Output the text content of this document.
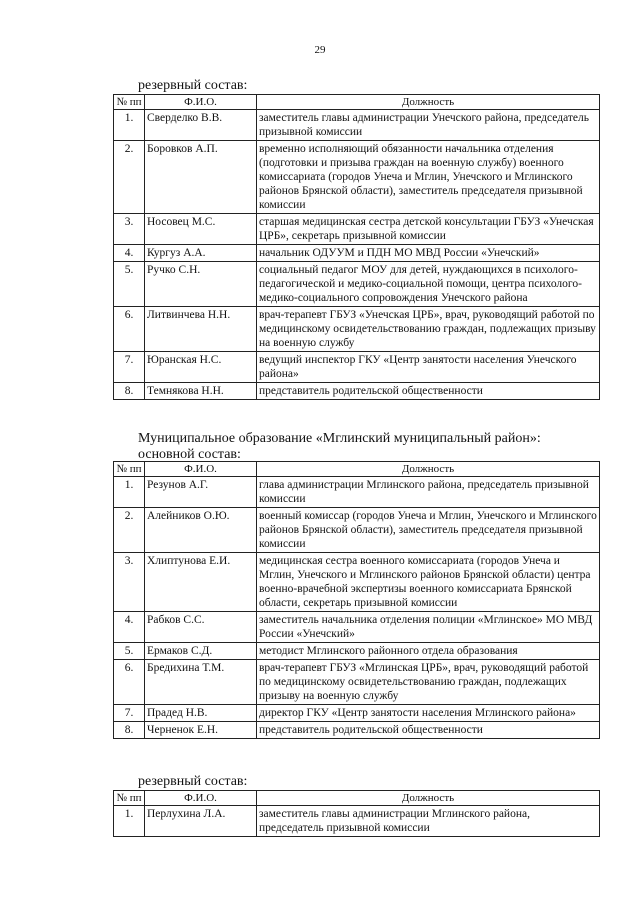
29
резервный состав:
№ пп	Ф.И.О.	Должность
1.	Сверделко В.В.	заместитель главы администрации Унечского района, председатель призывной комиссии
2.	Боровков А.П.	временно исполняющий обязанности начальника отделения (подготовки и призыва граждан на военную службу) военного комиссариата (городов Унеча и Мглин, Унечского и Мглинского районов Брянской области), заместитель председателя призывной комиссии
3.	Носовец М.С.	старшая медицинская сестра детской консультации ГБУЗ «Унечская ЦРБ», секретарь призывной комиссии
4.	Кургуз А.А.	начальник ОДУУМ и ПДН МО МВД России «Унечский»
5.	Ручко С.Н.	социальный педагог МОУ для детей, нуждающихся в психолого-педагогической и медико-социальной помощи, центра психолого-медико-социального сопровождения Унечского района
6.	Литвинчева Н.Н.	врач-терапевт ГБУЗ «Унечская ЦРБ», врач, руководящий работой по медицинскому освидетельствованию граждан, подлежащих призыву на военную службу
7.	Юранская Н.С.	ведущий инспектор ГКУ «Центр занятости населения Унечского района»
8.	Темнякова Н.Н.	представитель родительской общественности
Муниципальное образование «Мглинский муниципальный район»:
основной состав:
№ пп	Ф.И.О.	Должность
1.	Резунов А.Г.	глава администрации Мглинского района, председатель призывной комиссии
2.	Алейников О.Ю.	военный комиссар (городов Унеча и Мглин, Унечского и Мглинского районов Брянской области), заместитель председателя призывной комиссии
3.	Хлиптунова Е.И.	медицинская сестра военного комиссариата (городов Унеча и Мглин, Унечского и Мглинского районов Брянской области) центра военно-врачебной экспертизы военного комиссариата Брянской области, секретарь призывной комиссии
4.	Рабков С.С.	заместитель начальника отделения полиции «Мглинское» МО МВД России «Унечский»
5.	Ермаков С.Д.	методист Мглинского районного отдела образования
6.	Бредихина Т.М.	врач-терапевт ГБУЗ «Мглинская ЦРБ», врач, руководящий работой по медицинскому освидетельствованию граждан, подлежащих призыву на военную службу
7.	Прадед Н.В.	директор ГКУ «Центр занятости населения Мглинского района»
8.	Черненок Е.Н.	представитель родительской общественности
резервный состав:
№ пп	Ф.И.О.	Должность
1.	Перлухина Л.А.	заместитель главы администрации Мглинского района, председатель призывной комиссии
